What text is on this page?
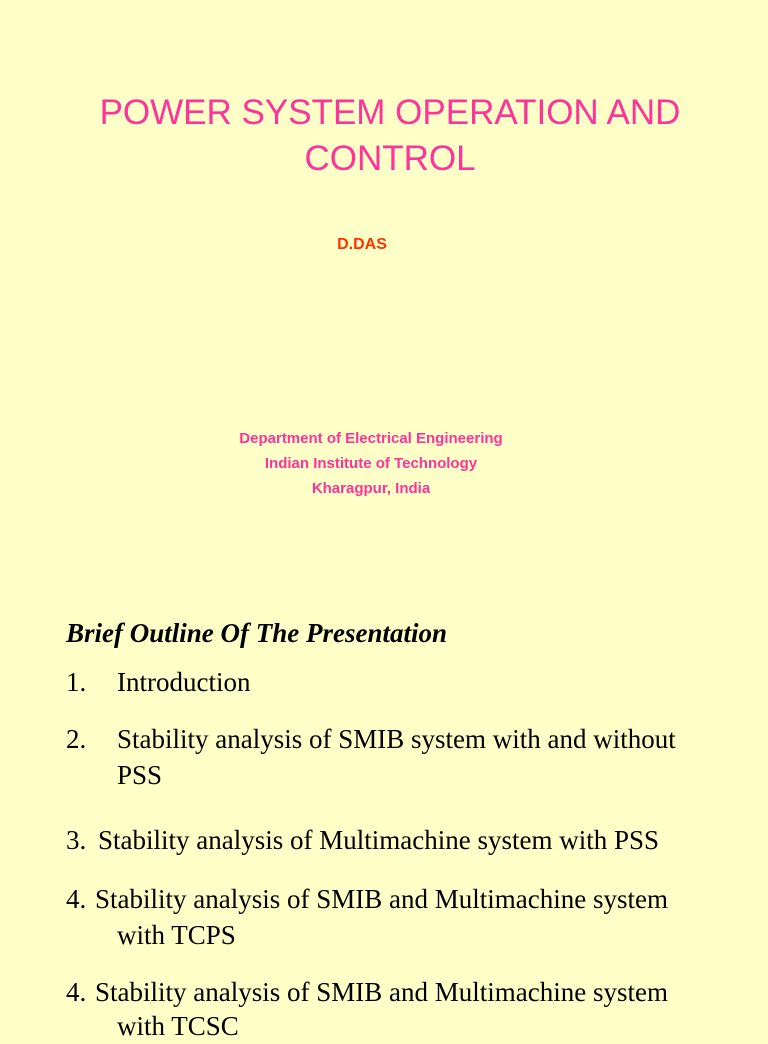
POWER SYSTEM OPERATION AND
CONTROL
D.DAS
Department of Electrical Engineering
Indian Institute of Technology
Kharagpur, India
Brief Outline Of The Presentation
1. Introduction
2. Stability analysis of SMIB system with and without
PSS
3. Stability analysis of Multimachine system with PSS
4. Stability analysis of SMIB and Multimachine system
with TCPS
4. Stability analysis of SMIB and Multimachine system
with TCSC
